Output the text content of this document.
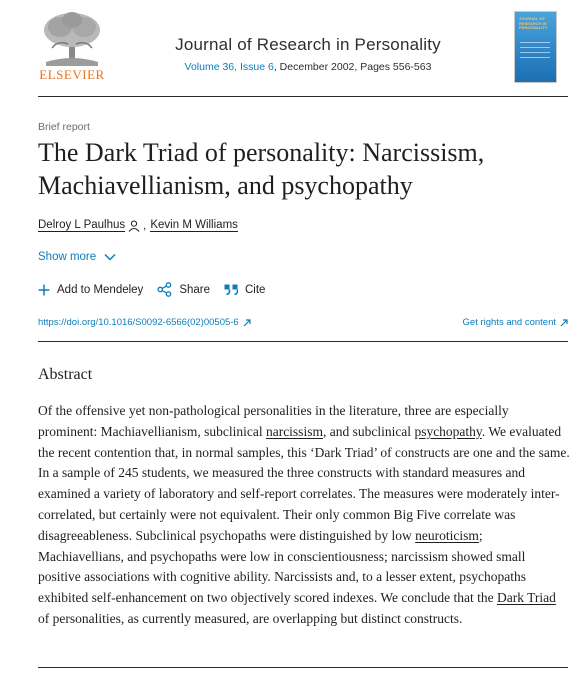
ELSEVIER
Journal of Research in Personality
Volume 36, Issue 6, December 2002, Pages 556-563
JOURNAL OF RESEARCH IN PERSONALITY
Brief report
The Dark Triad of personality: Narcissism, Machiavellianism, and psychopathy
Delroy L Paulhus , Kevin M Williams
Show more
Add to Mendeley	Share	Cite
https://doi.org/10.1016/S0092-6566(02)00505-6	Get rights and content
Abstract

Of the offensive yet non-pathological personalities in the literature, three are especially prominent: Machiavellianism, subclinical narcissism, and subclinical psychopathy. We evaluated the recent contention that, in normal samples, this ‘Dark Triad’ of constructs are one and the same. In a sample of 245 students, we measured the three constructs with standard measures and examined a variety of laboratory and self-report correlates. The measures were moderately inter-correlated, but certainly were not equivalent. Their only common Big Five correlate was disagreeableness. Subclinical psychopaths were distinguished by low neuroticism; Machiavellians, and psychopaths were low in conscientiousness; narcissism showed small positive associations with cognitive ability. Narcissists and, to a lesser extent, psychopaths exhibited self-enhancement on two objectively scored indexes. We conclude that the Dark Triad of personalities, as currently measured, are overlapping but distinct constructs.
